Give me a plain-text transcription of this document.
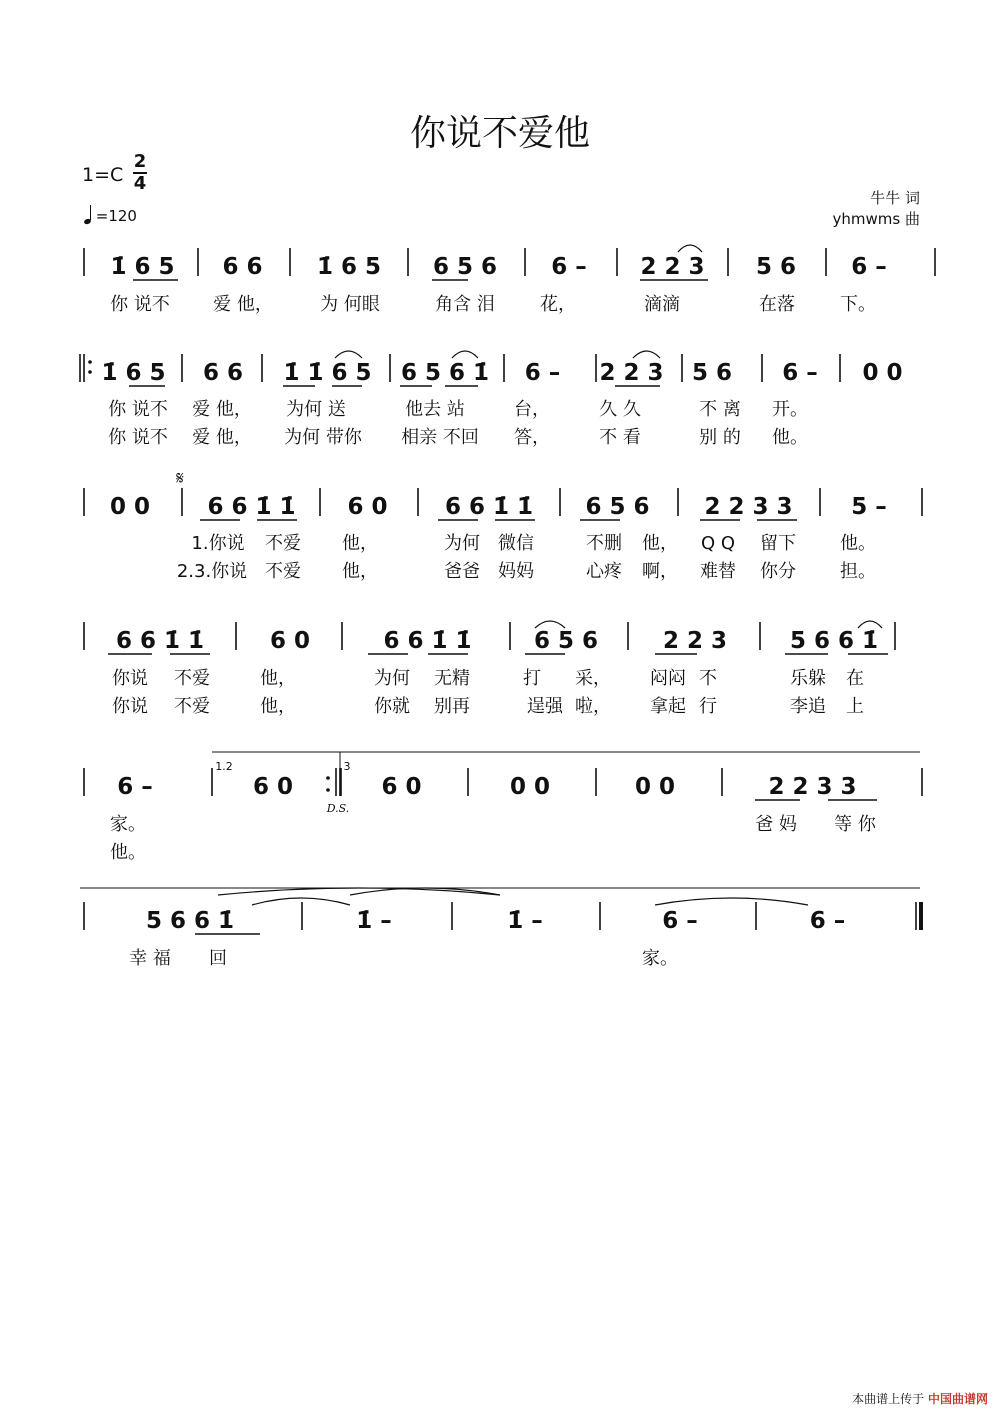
你说不爱他
1=C
2
4
=120
牛牛 词
yhmwms 曲
1̇ 6 5 6 6 1̇ 6 5 6 5 6 6 – 2 2 3 5 6 6 –
1̇ 6 5 6 6 1̇ 1̇ 6 5 6 5 6 1̇ 6 – 2 2 3 5 6 6 – 0 0
0 0 6 6 1̇ 1̇ 6 0 6 6 1̇ 1̇ 6 5 6 2 2 3 3	5 –
6 6 1̇ 1̇	6 0	6 6 1̇ 1̇	6 5 6	2 2 3	5 6 6 1̇
6 –	6 0	6 0	0 0	0 0	2 2 3 3
5 6 6 1̇	1̇ –	1̇ –	6 –	6 –
你 说不 爱 他，	为 何眼	角含 泪	花，	滴滴	在落	下。
你 说不 爱 他， 为何 送	他去 站	台，	久 久	不 离 开。
你 说不 爱 他， 为何 带你 相亲 不回 答，	不 看	别 的 他。
1.你说 不爱 他，	为何 微信	不删 他， Q Q 留下 他。
2.3.你说 不爱 他，	爸爸 妈妈	心疼 啊， 难替 你分 担。
你说 不爱	他，	为何 无精	打 采， 闷闷 不	乐躲 在
你说 不爱	他，	你就 别再	逞强 啦， 拿起 行	李追 上
家。	爸 妈 等 你
他。
幸 福 回	家。
𝄋
1.2	3
D.S.
本曲谱上传于 中国曲谱网
